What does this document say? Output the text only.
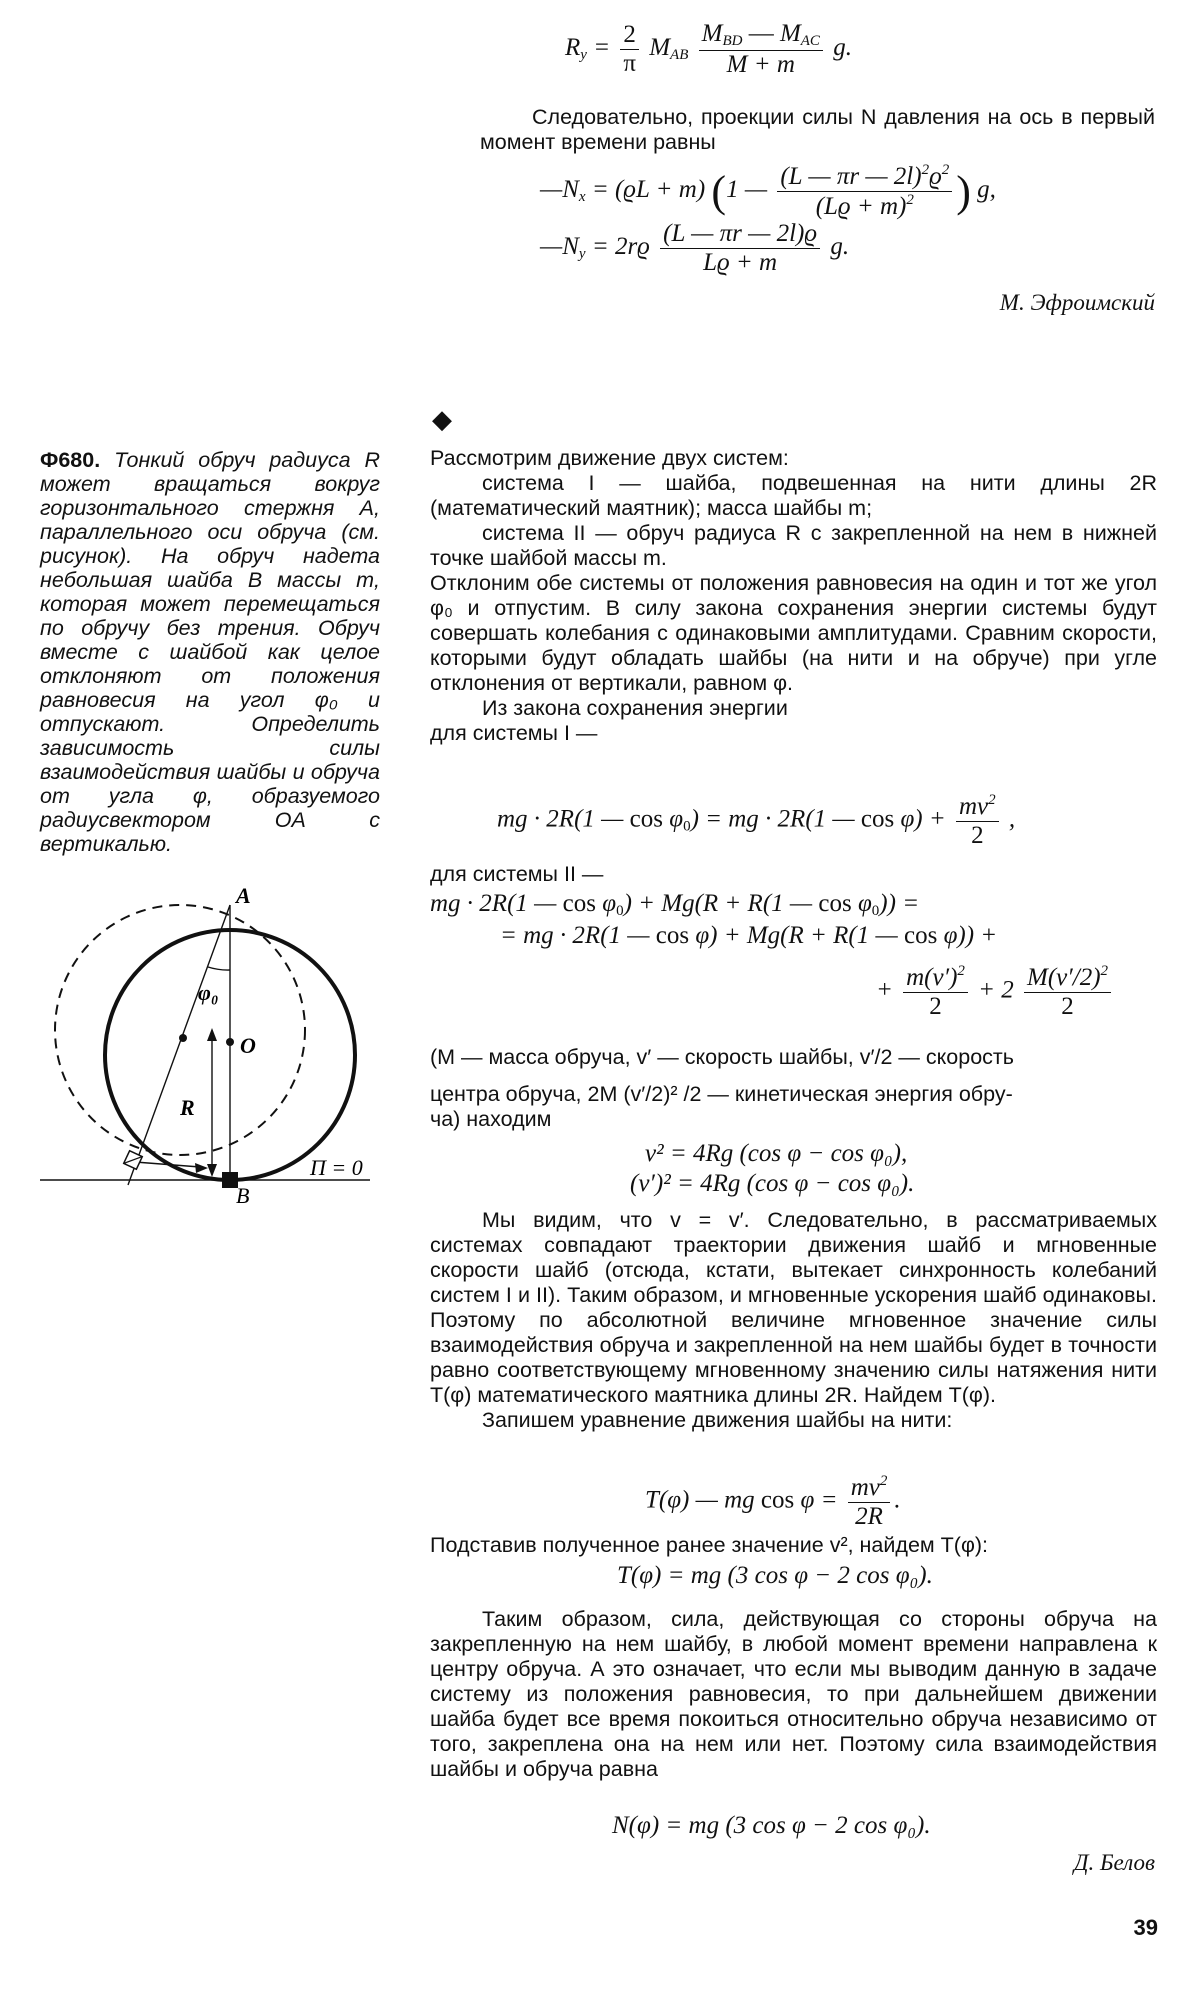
$R_y = \frac{2}{\pi} M_{AB} \frac{M_{BD} — M_{AC}}{M + m} g$.

Следовательно, проекции силы N давления на ось в первый момент времени равны

$—N_x = (ϱL + m)$ (1 — $\frac{(L — \pi r — 2l)^2ϱ^2}{(Lϱ + m)^2}$ ) g,
$—N_y = 2rϱ \frac{(L — \pi r — 2l)ϱ}{Lϱ + m} g$.
М. Эфроимский
Ф680. Тонкий обруч радиуса R может вращаться вокруг горизонтального стержня A, параллельного оси обруча (см. рисунок). На обруч надета небольшая шайба B массы m, которая может перемещаться по обручу без трения. Обруч вместе с шайбой как целое отклоняют от положения равновесия на угол φ₀ и отпускают. Определить зависимость силы взаимодействия шайбы и обруча от угла φ, образуемого радиусвектором OA с вертикалью.
A
B
O
R
φ₀
П = 0
◆

Рассмотрим движение двух систем:

система I — шайба, подвешенная на нити длины 2R (математический маятник); масса шайбы m;

система II — обруч радиуса R с закрепленной на нем в нижней точке шайбой массы m.

Отклоним обе системы от положения равновесия на один и тот же угол φ₀ и отпустим. В силу закона сохранения энергии системы будут совершать колебания с одинаковыми амплитудами. Сравним скорости, которыми будут обладать шайбы (на нити и на обруче) при угле отклонения от вертикали, равном φ.

Из закона сохранения энергии

для системы I —

mg · 2R(1 — $\cos \varphi_0$) = mg · 2R(1 — $\cos \varphi) + \frac{mv^2}{2}$ ,
для системы II —
mg · 2R(1 — $\cos \varphi_0) + Mg(R + R(1$ — $\cos \varphi_0$)) =
= mg · 2R(1 — cos φ) + Mg(R + R(1 — cos φ)) +
+ $\frac{m(v')^2}{2} + 2 \frac{M(v'/2)^2}{2}$

(M — масса обруча, v′ — скорость шайбы, v′/2 — скорость

центра обруча, 2M (v′/2)² /2 — кинетическая энергия обру-

ча) находим

v² = 4Rg (cos φ − cos φ₀),
(v′)² = 4Rg (cos φ − cos φ₀).

Мы видим, что v = v′. Следовательно, в рассматриваемых системах совпадают траектории движения шайб и мгновенные скорости шайб (отсюда, кстати, вытекает синхронность колебаний систем I и II). Таким образом, и мгновенные ускорения шайб одинаковы. Поэтому по абсолютной величине мгновенное значение силы взаимодействия обруча и закрепленной на нем шайбы будет в точности равно соответствующему мгновенному значению силы натяжения нити T(φ) математического маятника длины 2R. Найдем T(φ).

Запишем уравнение движения шайбы на нити:

T(φ) — mg $\cos \varphi = \frac{mv^2}{2R}$ .
Подставив полученное ранее значение v², найдем T(φ):
T(φ) = mg (3 cos φ − 2 cos φ₀).

Таким образом, сила, действующая со стороны обруча на закрепленную на нем шайбу, в любой момент времени направлена к центру обруча. А это означает, что если мы выводим данную в задаче систему из положения равновесия, то при дальнейшем движении шайба будет все время покоиться относительно обруча независимо от того, закреплена она на нем или нет. Поэтому сила взаимодействия шайбы и обруча равна

N(φ) = mg (3 cos φ − 2 cos φ₀).
Д. Белов
39
